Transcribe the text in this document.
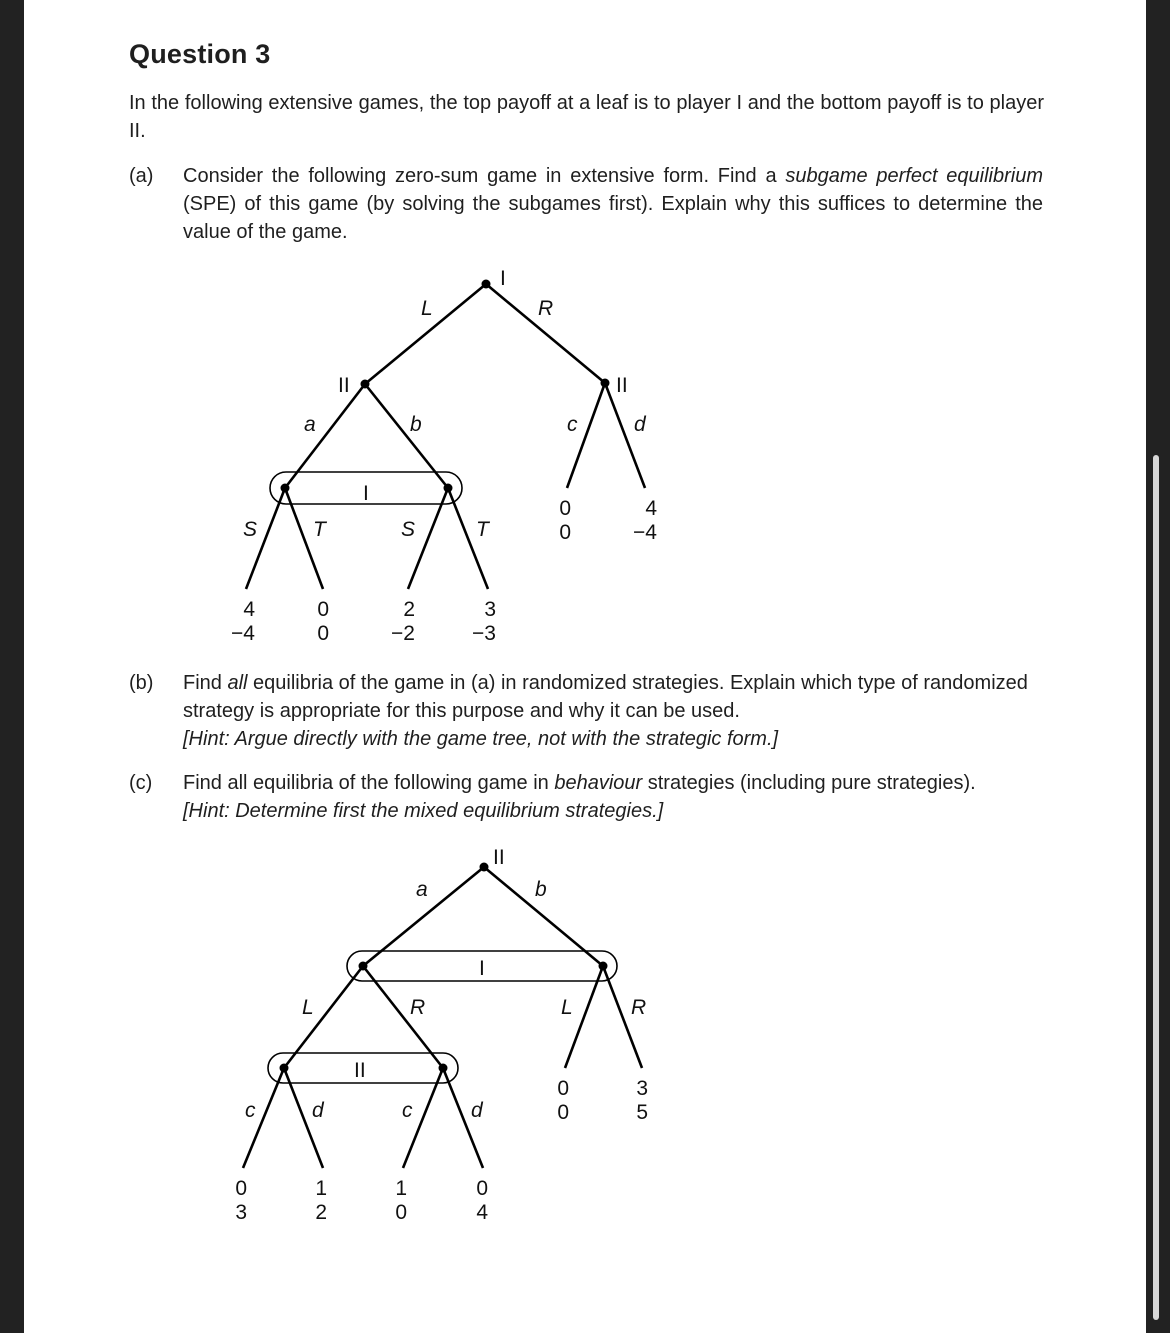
Question 3
In the following extensive games, the top payoff at a leaf is to player I and the bottom payoff is to player II.
(a) Consider the following zero-sum game in extensive form. Find a subgame perfect equilibrium (SPE) of this game (by solving the subgames first). Explain why this suffices to determine the value of the game.
(b) Find all equilibria of the game in (a) in randomized strategies. Explain which type of randomized strategy is appropriate for this purpose and why it can be used.
[Hint: Argue directly with the game tree, not with the strategic form.]
(c) Find all equilibria of the following game in behaviour strategies (including pure strategies).
[Hint: Determine first the mixed equilibrium strategies.]
I
II	II
I
L	R
a	b	c	d
S	T	S	T
4
−4
0
0
2
−2
3
−3
0
0
4
−4
II
I
II
a	b
L	R	L	R
c	d	c	d
0
3
1
2
1
0
0
4
0
0
3
5
